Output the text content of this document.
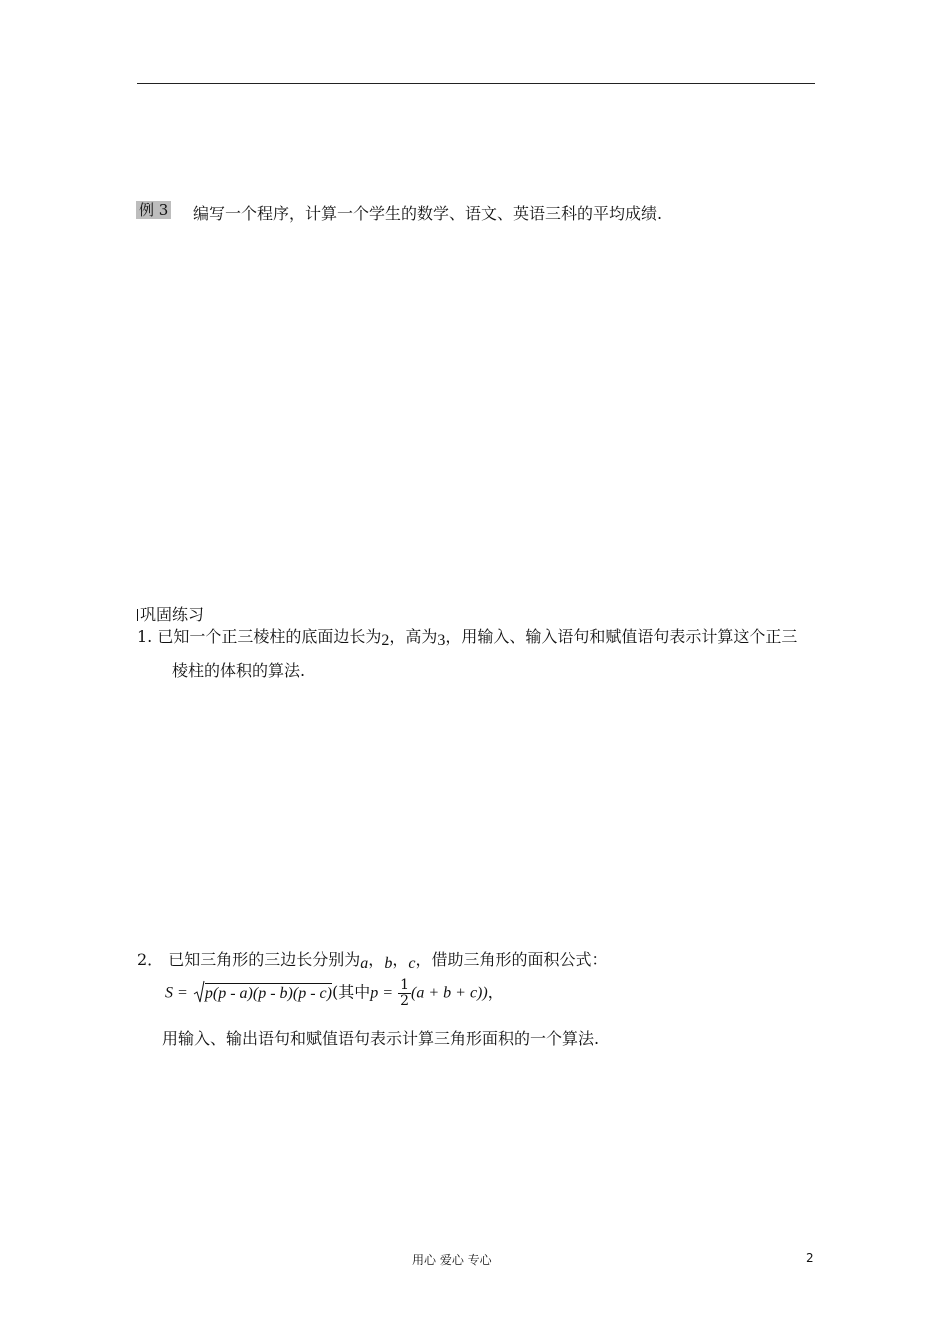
例 3 编写一个程序，计算一个学生的数学、语文、英语三科的平均成绩.
巩固练习
1. 已知一个正三棱柱的底面边长为2，高为3，用输入、输入语句和赋值语句表示计算这个正三
棱柱的体积的算法.
2． 已知三角形的三边长分别为a，b，c，借助三角形的面积公式：
S = p(p - a)(p - b)(p - c)(其中$p = \frac{1}{2} (a + b + c)$)，
用输入、输出语句和赋值语句表示计算三角形面积的一个算法.
用心 爱心 专心	2
